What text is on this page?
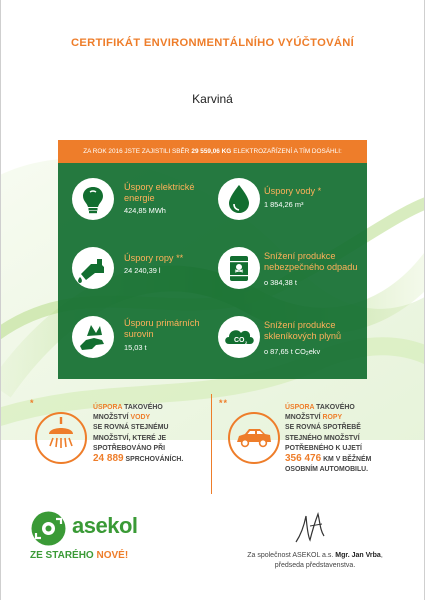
CERTIFIKÁT ENVIRONMENTÁLNÍHO VYÚČTOVÁNÍ
Karviná
ZA ROK 2016 JSTE ZAJISTILI SBĚR 29 559,06 KG ELEKTROZAŘÍZENÍ A TÍM DOSÁHLI:
Úspory elektrické energie
424,85 MWh
Úspory vody *
1 854,26 m³
Úspory ropy **
24 240,39 l
Snížení produkce nebezpečného odpadu
o 384,38 t
Úsporu primárních surovin
15,03 t
CO 2
Snížení produkce skleníkových plynů
o 87,65 t $CO_2ekv$
*	ÚSPORA TAKOVÉHO
MNOŽSTVÍ VODY
SE ROVNÁ STEJNÉMU
MNOŽSTVÍ, KTERÉ JE
SPOTŘEBOVÁNO PŘI
24 889 SPRCHOVÁNÍCH.
**	ÚSPORA TAKOVÉHO
MNOŽSTVÍ ROPY
SE ROVNÁ SPOTŘEBĚ
STEJNÉHO MNOŽSTVÍ
POTŘEBNÉHO K UJETÍ
356 476 KM V BĚŽNÉM
OSOBNÍM AUTOMOBILU.
asekol
ZE STARÉHO NOVÉ!	Za společnost ASEKOL a.s. Mgr. Jan Vrba,
předseda představenstva.
